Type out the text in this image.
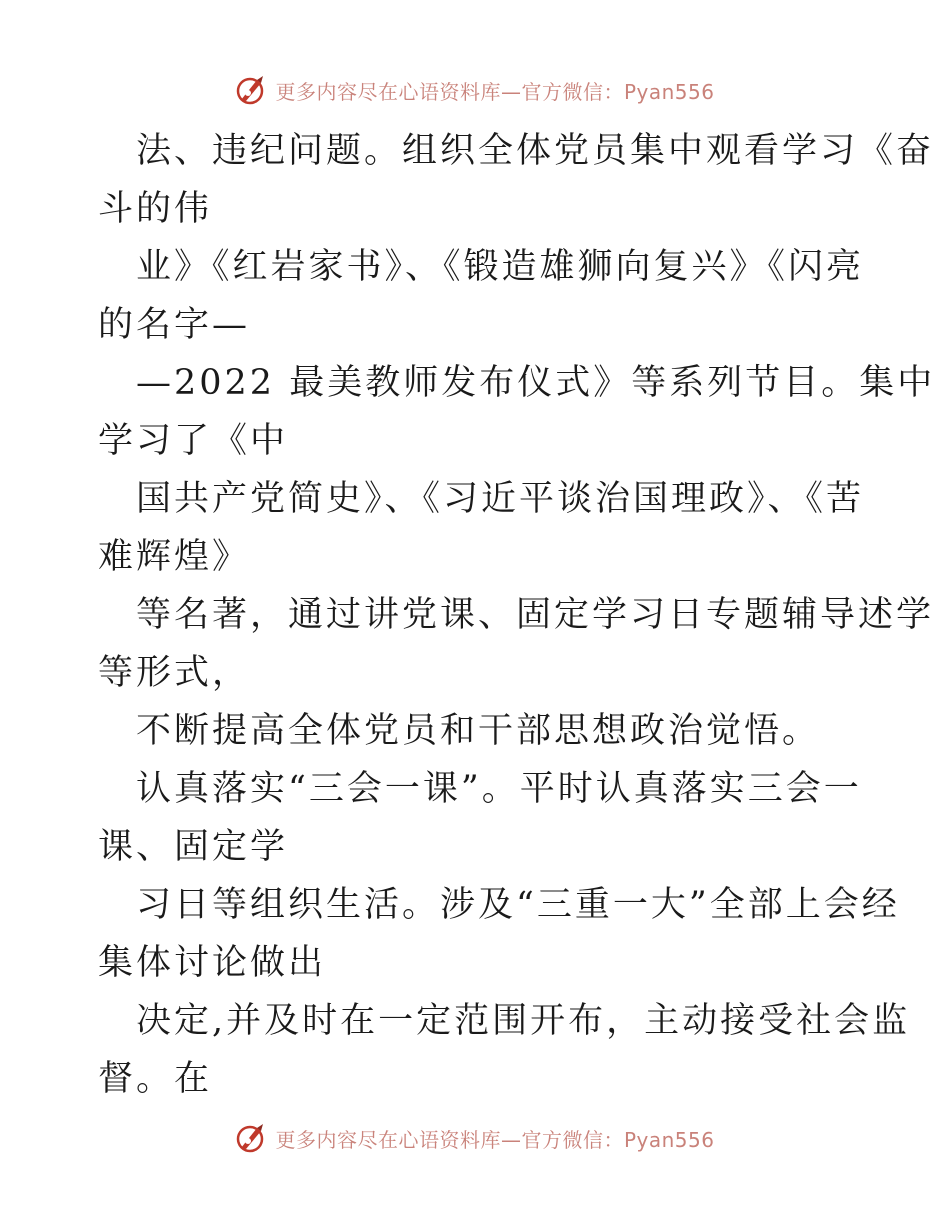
更多内容尽在心语资料库—官方微信：Pyan556
法、违纪问题。组织全体党员集中观看学习《奋
斗的伟
业》《红岩家书》、《锻造雄狮向复兴》《闪亮
的名字—
—2022 最美教师发布仪式》等系列节目。集中
学习了《中
国共产党简史》、《习近平谈治国理政》、《苦
难辉煌》
等名著，通过讲党课、固定学习日专题辅导述学
等形式，
不断提高全体党员和干部思想政治觉悟。
认真落实“三会一课”。平时认真落实三会一
课、固定学
习日等组织生活。涉及“三重一大”全部上会经
集体讨论做出
决定,并及时在一定范围开布，主动接受社会监
督。在
更多内容尽在心语资料库—官方微信：Pyan556
